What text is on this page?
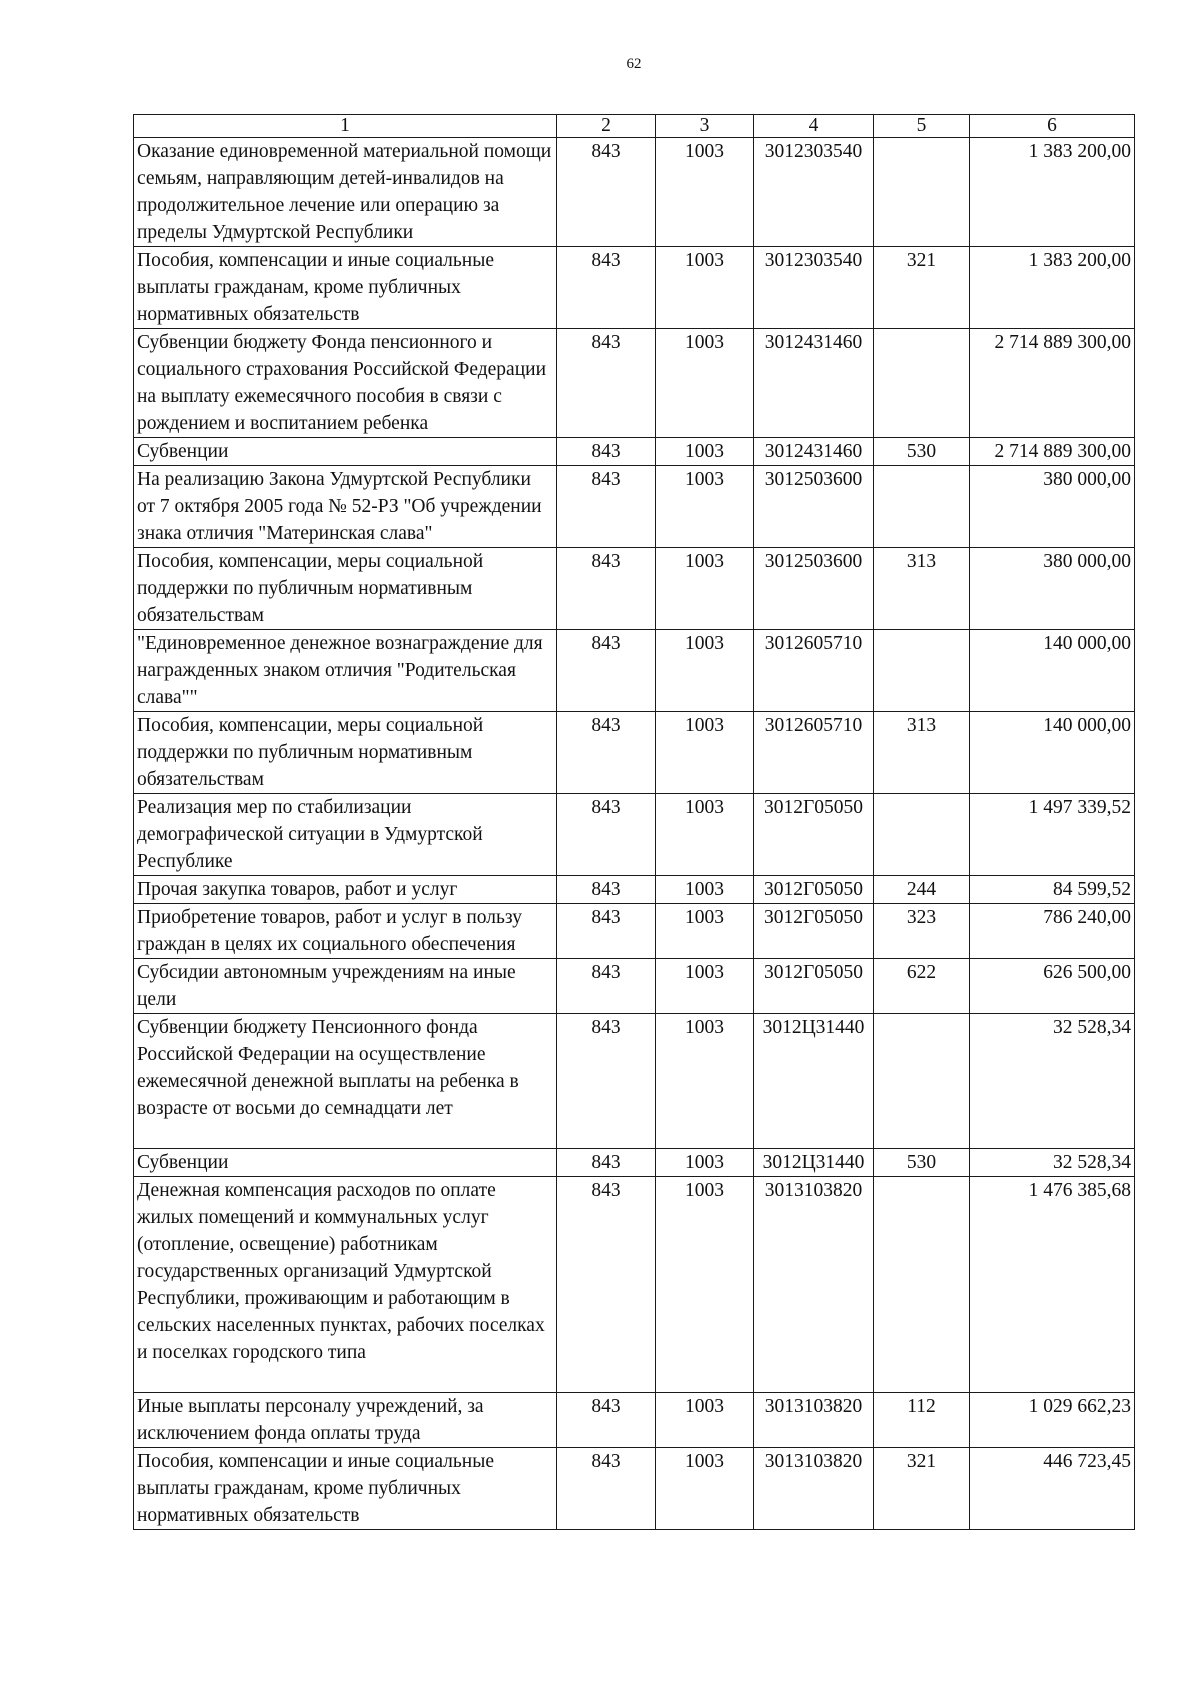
62
1	2	3	4	5	6
Оказание единовременной материальной помощи семьям, направляющим детей-инвалидов на продолжительное лечение или операцию за пределы Удмуртской Республики	843	1003	3012303540		1 383 200,00
Пособия, компенсации и иные социальные выплаты гражданам, кроме публичных нормативных обязательств	843	1003	3012303540	321	1 383 200,00
Субвенции бюджету Фонда пенсионного и социального страхования Российской Федерации на выплату ежемесячного пособия в связи с рождением и воспитанием ребенка	843	1003	3012431460		2 714 889 300,00
Субвенции	843	1003	3012431460	530	2 714 889 300,00
На реализацию Закона Удмуртской Республики от 7 октября 2005 года № 52-РЗ "Об учреждении знака отличия "Материнская слава"	843	1003	3012503600		380 000,00
Пособия, компенсации, меры социальной поддержки по публичным нормативным обязательствам	843	1003	3012503600	313	380 000,00
"Единовременное денежное вознаграждение для награжденных знаком отличия "Родительская слава""	843	1003	3012605710		140 000,00
Пособия, компенсации, меры социальной поддержки по публичным нормативным обязательствам	843	1003	3012605710	313	140 000,00
Реализация мер по стабилизации демографической ситуации в Удмуртской Республике	843	1003	3012Г05050		1 497 339,52
Прочая закупка товаров, работ и услуг	843	1003	3012Г05050	244	84 599,52
Приобретение товаров, работ и услуг в пользу граждан в целях их социального обеспечения	843	1003	3012Г05050	323	786 240,00
Субсидии автономным учреждениям на иные цели	843	1003	3012Г05050	622	626 500,00
Субвенции бюджету Пенсионного фонда Российской Федерации на осуществление ежемесячной денежной выплаты на ребенка в возрасте от восьми до семнадцати лет	843	1003	3012Ц31440		32 528,34
Субвенции	843	1003	3012Ц31440	530	32 528,34
Денежная компенсация расходов по оплате жилых помещений и коммунальных услуг (отопление, освещение) работникам государственных организаций Удмуртской Республики, проживающим и работающим в сельских населенных пунктах, рабочих поселках и поселках городского типа	843	1003	3013103820		1 476 385,68
Иные выплаты персоналу учреждений, за исключением фонда оплаты труда	843	1003	3013103820	112	1 029 662,23
Пособия, компенсации и иные социальные выплаты гражданам, кроме публичных нормативных обязательств	843	1003	3013103820	321	446 723,45
